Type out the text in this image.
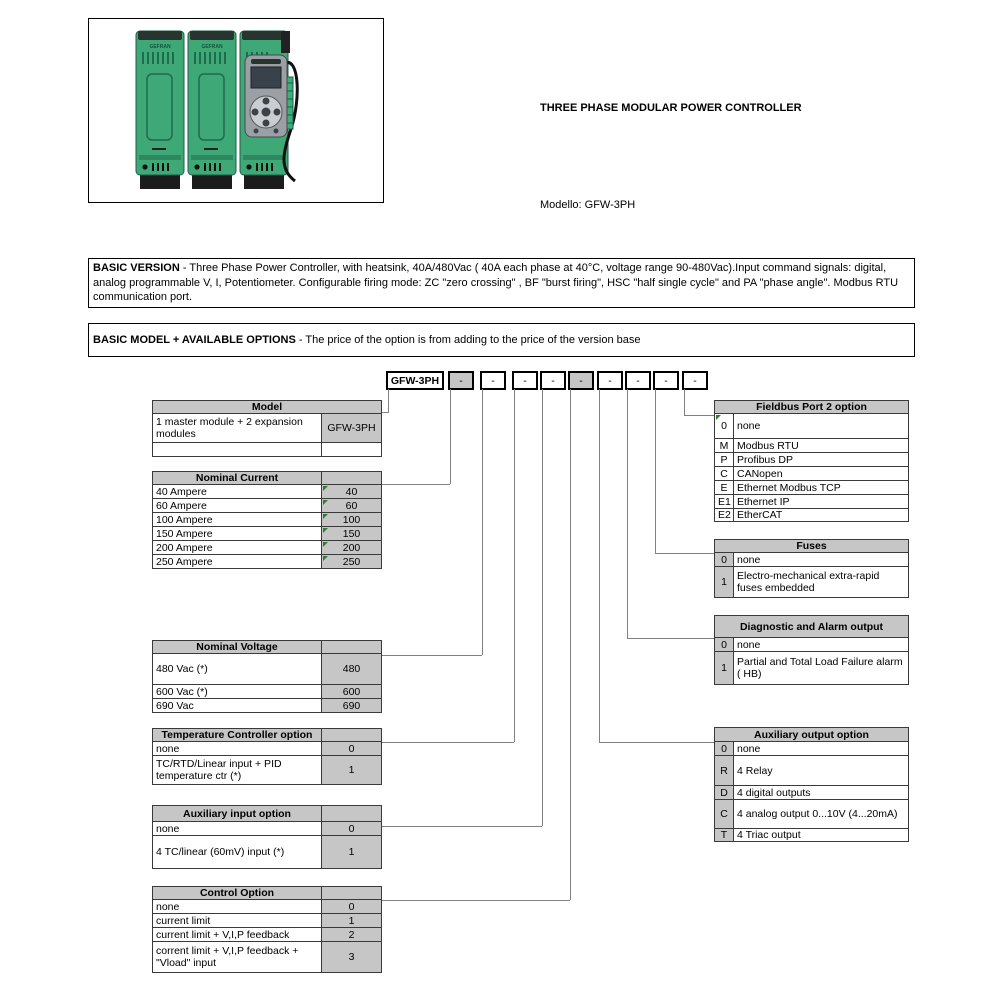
GEFRAN	GEFRAN
THREE PHASE MODULAR POWER CONTROLLER
Modello: GFW-3PH
BASIC VERSION - Three Phase Power Controller, with heatsink, 40A/480Vac ( 40A each phase at 40°C, voltage range 90-480Vac).Input command signals: digital, analog programmable V, I, Potentiometer. Configurable firing mode: ZC "zero crossing" , BF "burst firing", HSC "half single cycle" and PA "phase angle". Modbus RTU communication port.
BASIC MODEL + AVAILABLE OPTIONS - The price of the option is from adding to the price of the version base
GFW-3PH	-	-	-	-	-	-	-	-	-
Model	
1 master module + 2 expansion modules	GFW-3PH

Nominal Current	
40 Ampere	40
60 Ampere	60
100 Ampere	100
150 Ampere	150
200 Ampere	200
250 Ampere	250
Nominal Voltage	
480 Vac (*)	480
600 Vac (*)	600
690 Vac	690
Temperature Controller option	
none	0
TC/RTD/Linear input + PID temperature ctr (*)	1
Auxiliary input option	
none	0
4 TC/linear (60mV) input (*)	1
Control Option	
none	0
current limit	1
current limit + V,I,P feedback	2
corrent limit + V,I,P feedback + "Vload" input	3
Fieldbus Port 2 option	
0	none
M	Modbus RTU
P	Profibus DP
C	CANopen
E	Ethernet Modbus TCP
E1	Ethernet IP
E2	EtherCAT
Fuses	
0	none
1	Electro-mechanical extra-rapid fuses embedded
Diagnostic and Alarm output	
0	none
1	Partial and Total Load Failure alarm ( HB)
Auxiliary output option	
0	none
R	4 Relay
D	4 digital outputs
C	4 analog output 0...10V (4...20mA)
T	4 Triac output
